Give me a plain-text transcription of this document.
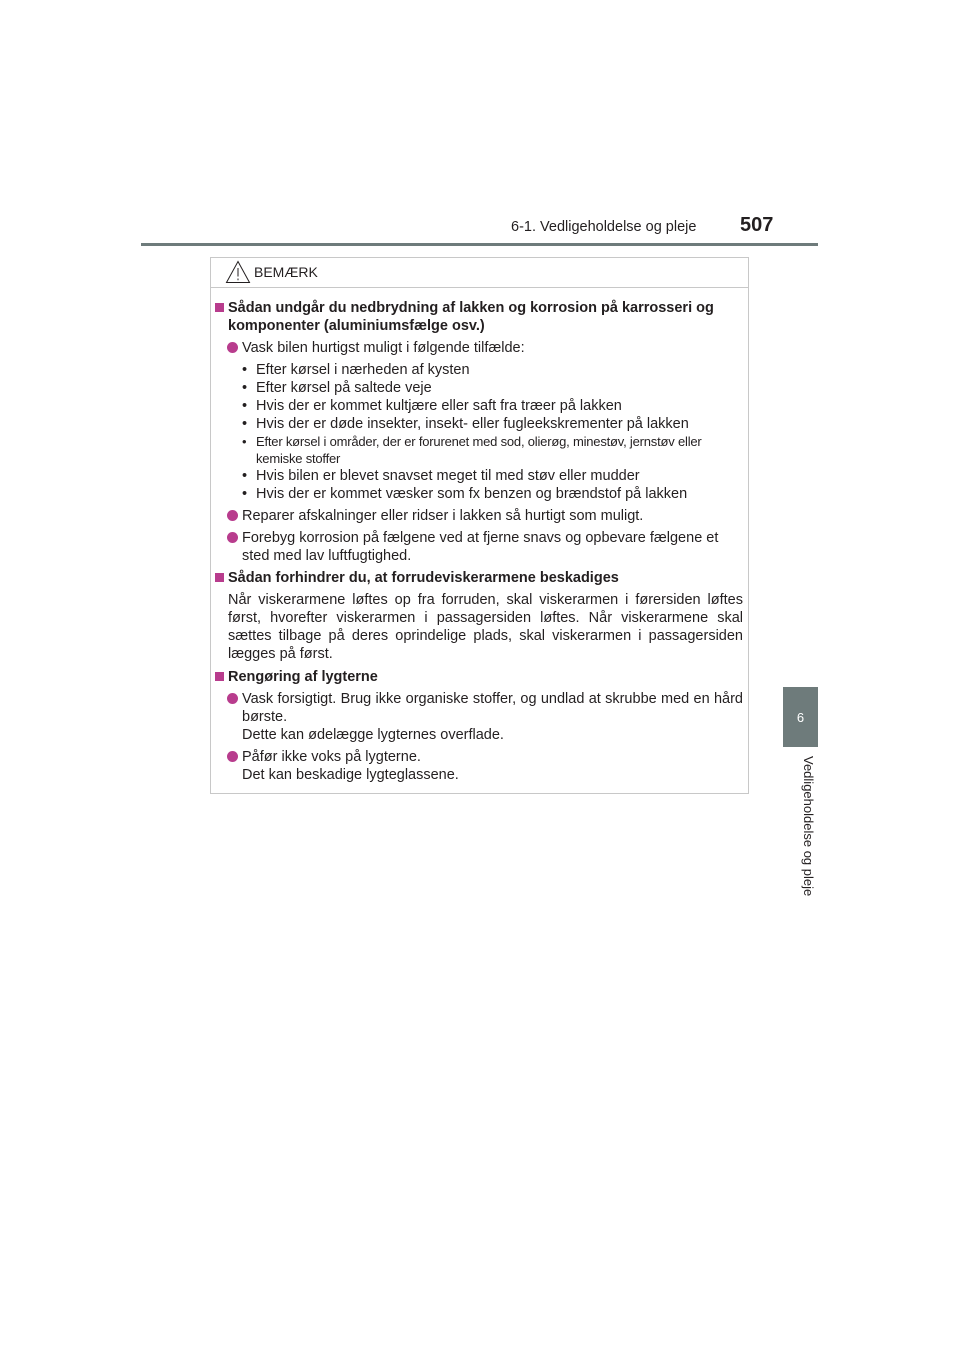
6-1. Vedligeholdelse og pleje 507
6
Vedligeholdelse og pleje
BEMÆRK
Sådan undgår du nedbrydning af lakken og korrosion på karrosseri og komponenter (aluminiumsfælge osv.)
Vask bilen hurtigst muligt i følgende tilfælde:
• Efter kørsel i nærheden af kysten
• Efter kørsel på saltede veje
• Hvis der er kommet kultjære eller saft fra træer på lakken
• Hvis der er døde insekter, insekt- eller fugleekskrementer på lakken
• Efter kørsel i områder, der er forurenet med sod, olierøg, minestøv, jernstøv eller kemiske stoffer
• Hvis bilen er blevet snavset meget til med støv eller mudder
• Hvis der er kommet væsker som fx benzen og brændstof på lakken
Reparer afskalninger eller ridser i lakken så hurtigt som muligt.
Forebyg korrosion på fælgene ved at fjerne snavs og opbevare fælgene et sted med lav luftfugtighed.
Sådan forhindrer du, at forrudeviskerarmene beskadiges
Når viskerarmene løftes op fra forruden, skal viskerarmen i førersiden løftes først, hvorefter viskerarmen i passagersiden løftes. Når viskerarmene skal sættes tilbage på deres oprindelige plads, skal viskerarmen i passagersiden lægges på først.
Rengøring af lygterne
Vask forsigtigt. Brug ikke organiske stoffer, og undlad at skrubbe med en hård børste.
Dette kan ødelægge lygternes overflade.
Påfør ikke voks på lygterne.
Det kan beskadige lygteglassene.
